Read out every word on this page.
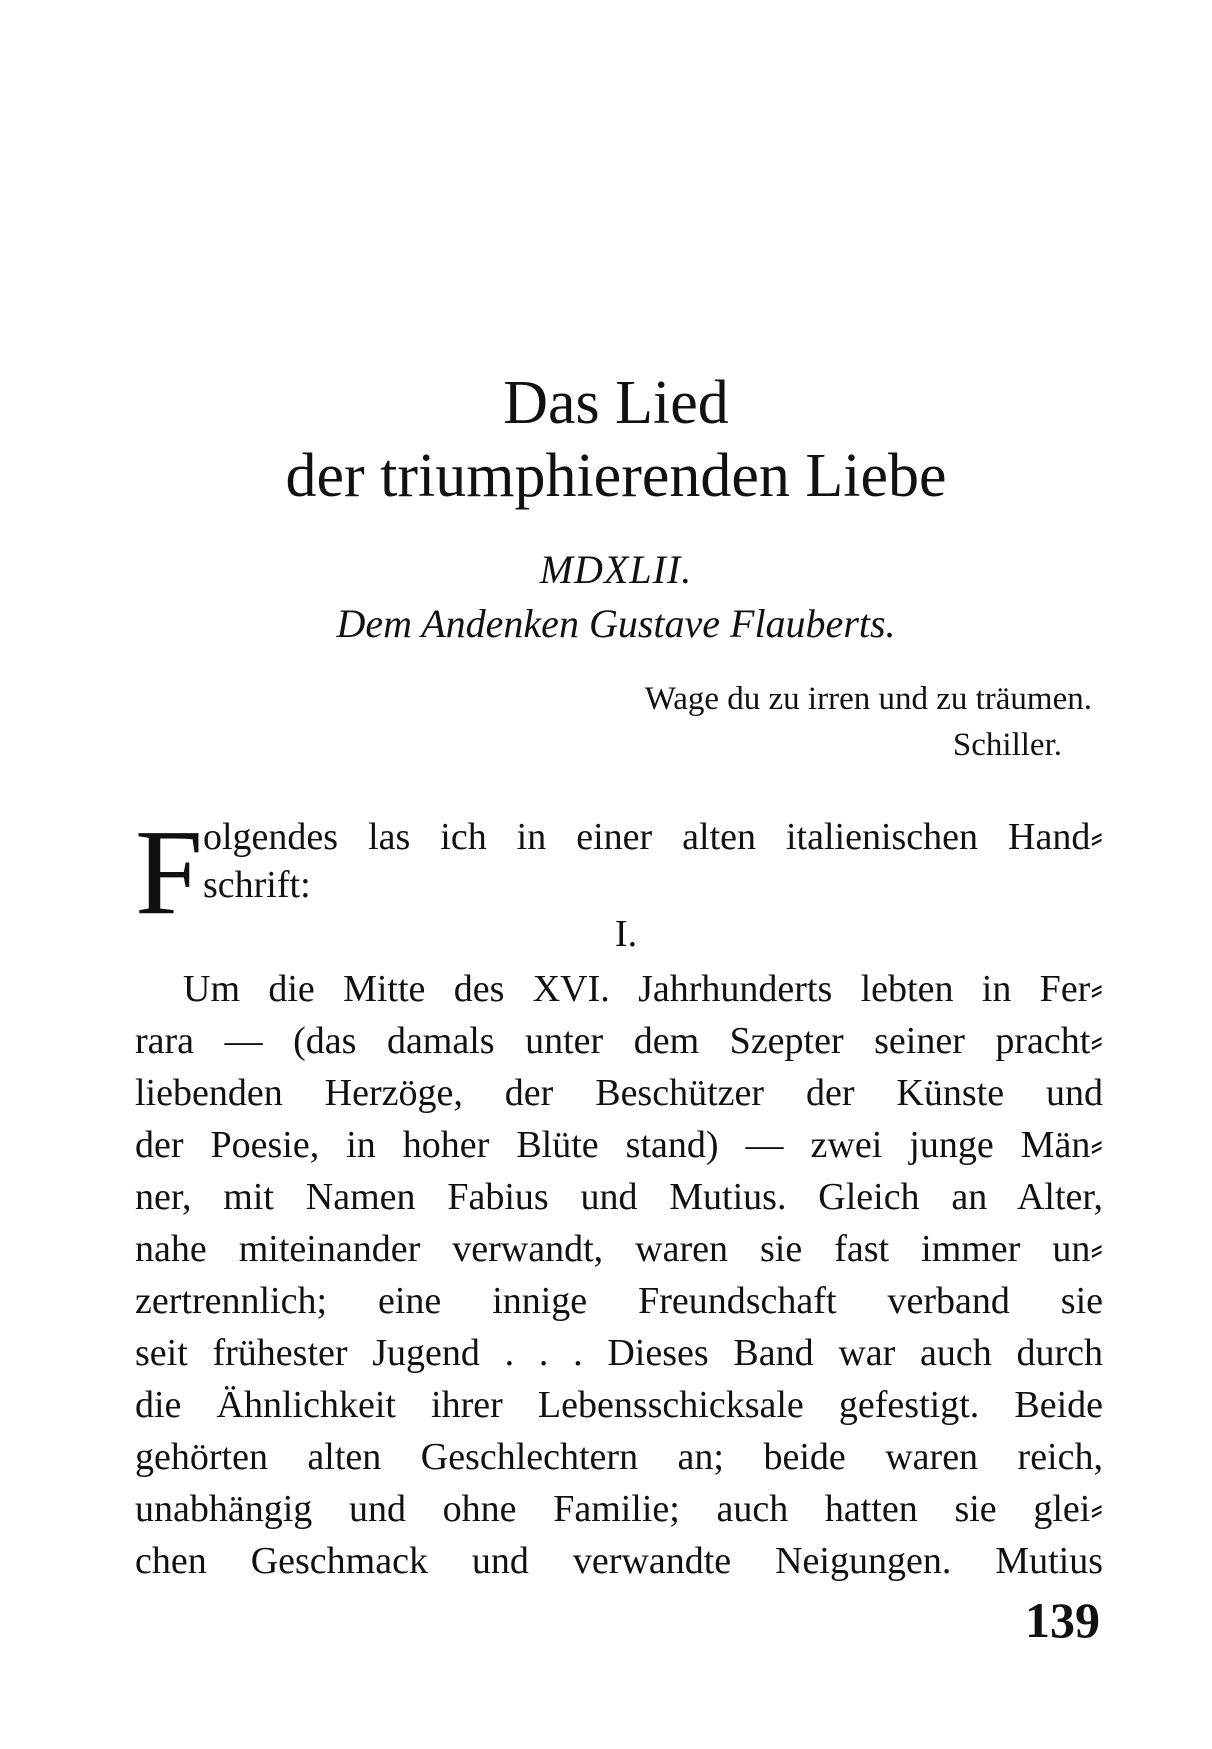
Das Lied
der triumphierenden Liebe
MDXLII.
Dem Andenken Gustave Flauberts.
Wage du zu irren und zu träumen.
Schiller.
F olgendes las ich in einer alten italienischen Hand⸗
schrift:
I.
Um die Mitte des XVI. Jahrhunderts lebten in Fer⸗
rara — (das damals unter dem Szepter seiner pracht⸗
liebenden Herzöge, der Beschützer der Künste und
der Poesie, in hoher Blüte stand) — zwei junge Män⸗
ner, mit Namen Fabius und Mutius. Gleich an Alter,
nahe miteinander verwandt, waren sie fast immer un⸗
zertrennlich; eine innige Freundschaft verband sie
seit frühester Jugend . . . Dieses Band war auch durch
die Ähnlichkeit ihrer Lebensschicksale gefestigt. Beide
gehörten alten Geschlechtern an; beide waren reich,
unabhängig und ohne Familie; auch hatten sie glei⸗
chen Geschmack und verwandte Neigungen. Mutius
139
